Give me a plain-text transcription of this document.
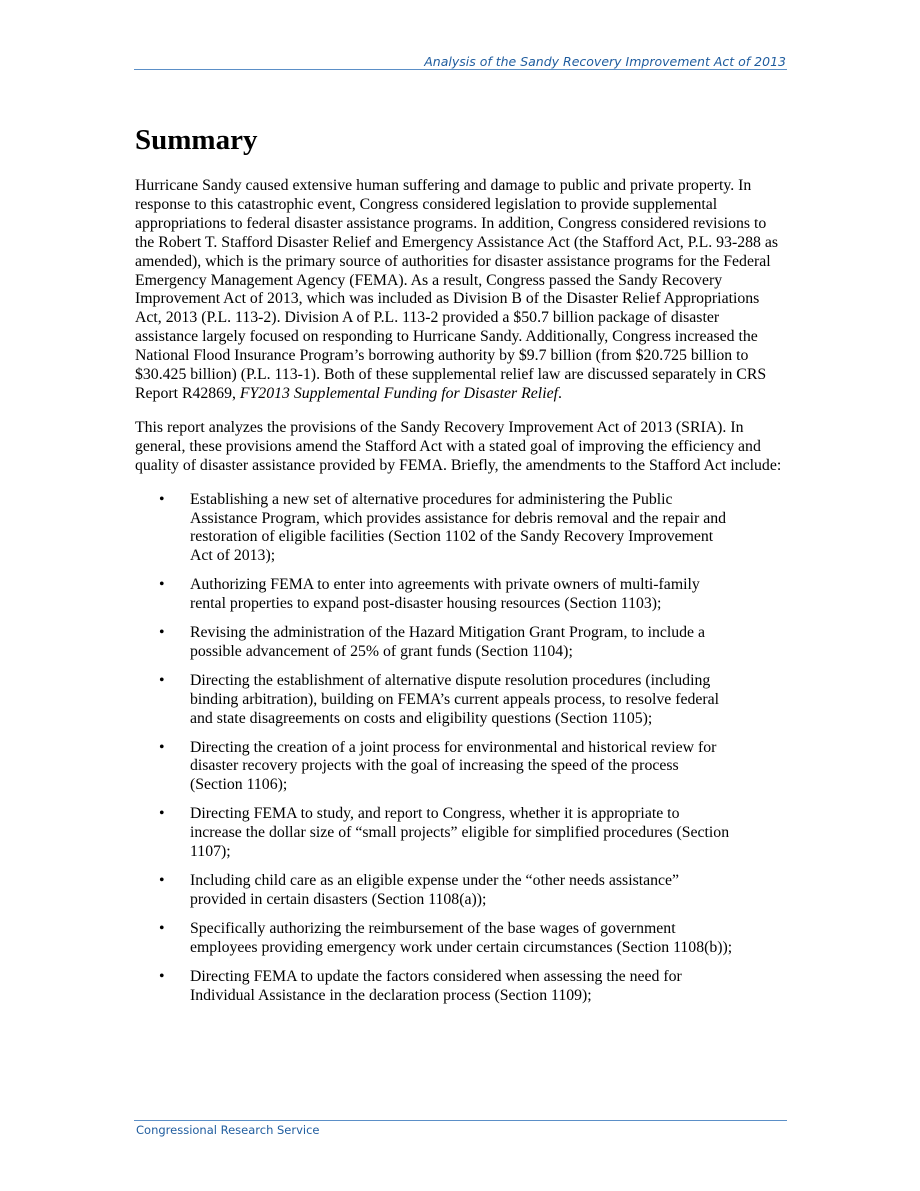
Analysis of the Sandy Recovery Improvement Act of 2013
Summary

Hurricane Sandy caused extensive human suffering and damage to public and private property. In response to this catastrophic event, Congress considered legislation to provide supplemental appropriations to federal disaster assistance programs. In addition, Congress considered revisions to the Robert T. Stafford Disaster Relief and Emergency Assistance Act (the Stafford Act, P.L. 93-288 as amended), which is the primary source of authorities for disaster assistance programs for the Federal Emergency Management Agency (FEMA). As a result, Congress passed the Sandy Recovery Improvement Act of 2013, which was included as Division B of the Disaster Relief Appropriations Act, 2013 (P.L. 113-2). Division A of P.L. 113-2 provided a $50.7 billion package of disaster assistance largely focused on responding to Hurricane Sandy. Additionally, Congress increased the National Flood Insurance Program’s borrowing authority by $9.7 billion (from $20.725 billion to $30.425 billion) (P.L. 113-1). Both of these supplemental relief law are discussed separately in CRS Report R42869, FY2013 Supplemental Funding for Disaster Relief.

This report analyzes the provisions of the Sandy Recovery Improvement Act of 2013 (SRIA). In general, these provisions amend the Stafford Act with a stated goal of improving the efficiency and quality of disaster assistance provided by FEMA. Briefly, the amendments to the Stafford Act include:

• Establishing a new set of alternative procedures for administering the Public Assistance Program, which provides assistance for debris removal and the repair and restoration of eligible facilities (Section 1102 of the Sandy Recovery Improvement Act of 2013);
• Authorizing FEMA to enter into agreements with private owners of multi-family rental properties to expand post-disaster housing resources (Section 1103);
• Revising the administration of the Hazard Mitigation Grant Program, to include a possible advancement of 25% of grant funds (Section 1104);
• Directing the establishment of alternative dispute resolution procedures (including binding arbitration), building on FEMA’s current appeals process, to resolve federal and state disagreements on costs and eligibility questions (Section 1105);
• Directing the creation of a joint process for environmental and historical review for disaster recovery projects with the goal of increasing the speed of the process (Section 1106);
• Directing FEMA to study, and report to Congress, whether it is appropriate to increase the dollar size of “small projects” eligible for simplified procedures (Section 1107);
• Including child care as an eligible expense under the “other needs assistance” provided in certain disasters (Section 1108(a));
• Specifically authorizing the reimbursement of the base wages of government employees providing emergency work under certain circumstances (Section 1108(b));
• Directing FEMA to update the factors considered when assessing the need for Individual Assistance in the declaration process (Section 1109);
Congressional Research Service
